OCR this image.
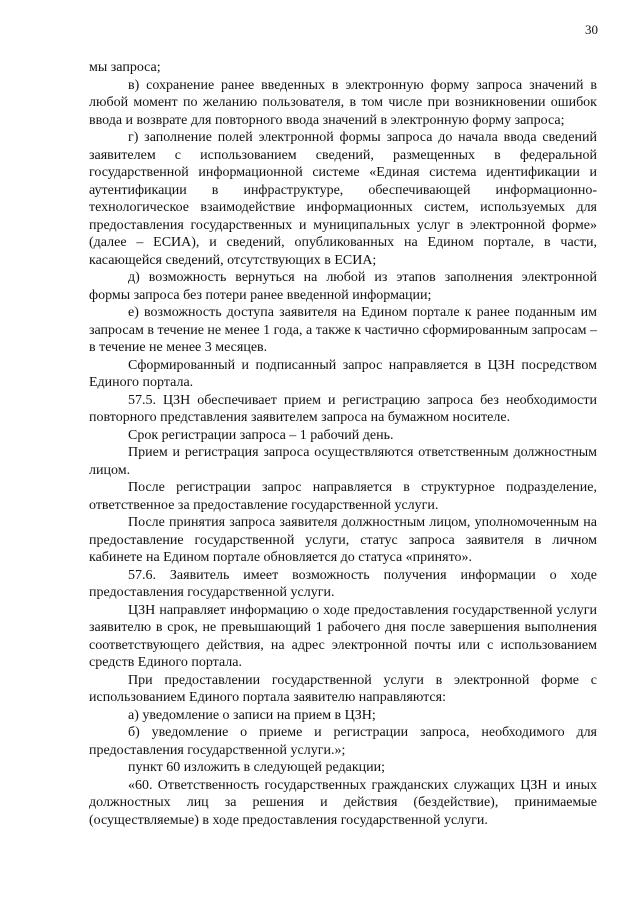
30

мы запроса;

в) сохранение ранее введенных в электронную форму запроса значений в любой момент по желанию пользователя, в том числе при возникновении ошибок ввода и возврате для повторного ввода значений в электронную форму запроса;

г) заполнение полей электронной формы запроса до начала ввода сведений заявителем с использованием сведений, размещенных в федеральной государственной информационной системе «Единая система идентификации и аутентификации в инфраструктуре, обеспечивающей информационно-технологическое взаимодействие информационных систем, используемых для предоставления государственных и муниципальных услуг в электронной форме» (далее – ЕСИА), и сведений, опубликованных на Едином портале, в части, касающейся сведений, отсутствующих в ЕСИА;

д) возможность вернуться на любой из этапов заполнения электронной формы запроса без потери ранее введенной информации;

е) возможность доступа заявителя на Едином портале к ранее поданным им запросам в течение не менее 1 года, а также к частично сформированным запросам – в течение не менее 3 месяцев.

Сформированный и подписанный запрос направляется в ЦЗН посредством Единого портала.

57.5. ЦЗН обеспечивает прием и регистрацию запроса без необходимости повторного представления заявителем запроса на бумажном носителе.

Срок регистрации запроса – 1 рабочий день.

Прием и регистрация запроса осуществляются ответственным должностным лицом.

После регистрации запрос направляется в структурное подразделение, ответственное за предоставление государственной услуги.

После принятия запроса заявителя должностным лицом, уполномоченным на предоставление государственной услуги, статус запроса заявителя в личном кабинете на Едином портале обновляется до статуса «принято».

57.6. Заявитель имеет возможность получения информации о ходе предоставления государственной услуги.

ЦЗН направляет информацию о ходе предоставления государственной услуги заявителю в срок, не превышающий 1 рабочего дня после завершения выполнения соответствующего действия, на адрес электронной почты или с использованием средств Единого портала.

При предоставлении государственной услуги в электронной форме с использованием Единого портала заявителю направляются:

а) уведомление о записи на прием в ЦЗН;

б) уведомление о приеме и регистрации запроса, необходимого для предоставления государственной услуги.»;

пункт 60 изложить в следующей редакции;

«60. Ответственность государственных гражданских служащих ЦЗН и иных должностных лиц за решения и действия (бездействие), принимаемые (осуществляемые) в ходе предоставления государственной услуги.
